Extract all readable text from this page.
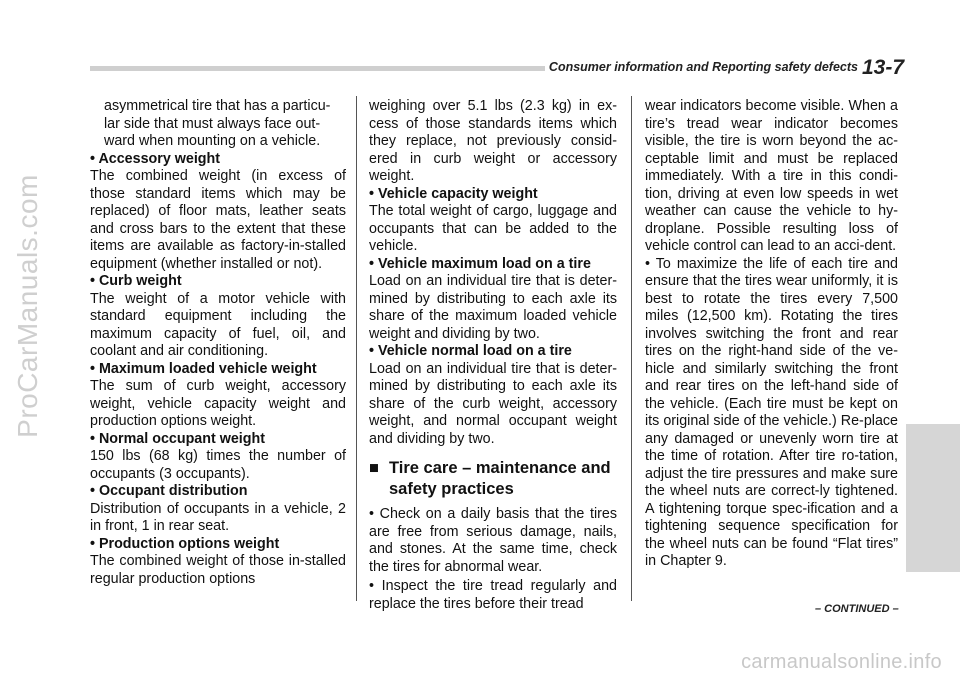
ProCarManuals.com
Consumer information and Reporting safety defects 13-7

asymmetrical tire that has a particu-

lar side that must always face out-

ward when mounting on a vehicle.

• Accessory weight

The combined weight (in excess of those standard items which may be replaced) of floor mats, leather seats and cross bars to the extent that these items are available as factory-in-stalled equipment (whether installed or not).

• Curb weight

The weight of a motor vehicle with standard equipment including the maximum capacity of fuel, oil, and coolant and air conditioning.

• Maximum loaded vehicle weight

The sum of curb weight, accessory weight, vehicle capacity weight and production options weight.

• Normal occupant weight

150 lbs (68 kg) times the number of occupants (3 occupants).

• Occupant distribution

Distribution of occupants in a vehicle, 2 in front, 1 in rear seat.

• Production options weight

The combined weight of those in-stalled regular production options

weighing over 5.1 lbs (2.3 kg) in ex-cess of those standards items which they replace, not previously consid-ered in curb weight or accessory weight.

• Vehicle capacity weight

The total weight of cargo, luggage and occupants that can be added to the vehicle.

• Vehicle maximum load on a tire

Load on an individual tire that is deter-mined by distributing to each axle its share of the maximum loaded vehicle weight and dividing by two.

• Vehicle normal load on a tire

Load on an individual tire that is deter-mined by distributing to each axle its share of the curb weight, accessory weight, and normal occupant weight and dividing by two.

■ Tire care – maintenance and safety practices

• Check on a daily basis that the tires are free from serious damage, nails, and stones. At the same time, check the tires for abnormal wear.

• Inspect the tire tread regularly and replace the tires before their tread

wear indicators become visible. When a tire’s tread wear indicator becomes visible, the tire is worn beyond the ac-ceptable limit and must be replaced immediately. With a tire in this condi-tion, driving at even low speeds in wet weather can cause the vehicle to hy-droplane. Possible resulting loss of vehicle control can lead to an acci-dent.

• To maximize the life of each tire and ensure that the tires wear uniformly, it is best to rotate the tires every 7,500 miles (12,500 km). Rotating the tires involves switching the front and rear tires on the right-hand side of the ve-hicle and similarly switching the front and rear tires on the left-hand side of the vehicle. (Each tire must be kept on its original side of the vehicle.) Re-place any damaged or unevenly worn tire at the time of rotation. After tire ro-tation, adjust the tire pressures and make sure the wheel nuts are correct-ly tightened. A tightening torque spec-ification and a tightening sequence specification for the wheel nuts can be found “Flat tires” in Chapter 9.

– CONTINUED –
carmanualsonline.info
